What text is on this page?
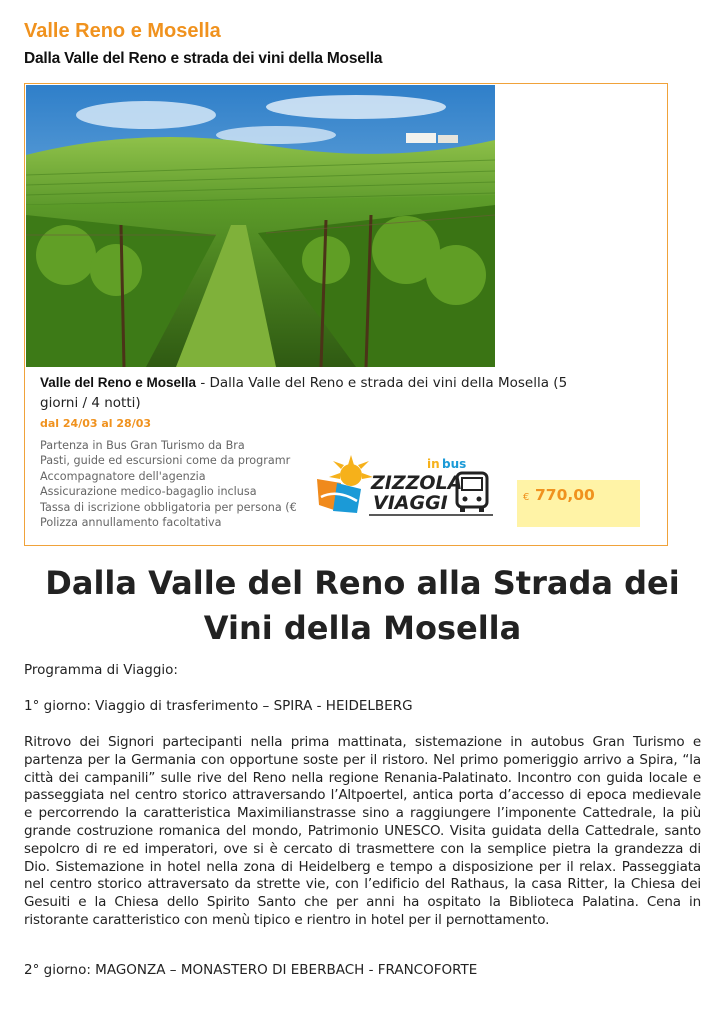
Valle Reno e Mosella
Dalla Valle del Reno e strada dei vini della Mosella
Valle del Reno e Mosella - Dalla Valle del Reno e strada dei vini della Mosella (5 giorni / 4 notti)
dal 24/03 al 28/03
Partenza in Bus Gran Turismo da Bra
Pasti, guide ed escursioni come da programr
Accompagnatore dell'agenzia
Assicurazione medico-bagaglio inclusa
Tassa di iscrizione obbligatoria per persona (€
Polizza annullamento facoltativa
in bus
ZIZZOLA
VIAGGI	€ 770,00
Dalla Valle del Reno alla Strada dei Vini della Mosella
Programma di Viaggio:
1° giorno: Viaggio di trasferimento – SPIRA - HEIDELBERG
Ritrovo dei Signori partecipanti nella prima mattinata, sistemazione in autobus Gran Turismo e partenza per la Germania con opportune soste per il ristoro. Nel primo pomeriggio arrivo a Spira, “la città dei campanili” sulle rive del Reno nella regione Renania-Palatinato. Incontro con guida locale e passeggiata nel centro storico attraversando l’Altpoertel, antica porta d’accesso di epoca medievale e percorrendo la caratteristica Maximilianstrasse sino a raggiungere l’imponente Cattedrale, la più grande costruzione romanica del mondo, Patrimonio UNESCO. Visita guidata della Cattedrale, santo sepolcro di re ed imperatori, ove si è cercato di trasmettere con la semplice pietra la grandezza di Dio. Sistemazione in hotel nella zona di Heidelberg e tempo a disposizione per il relax. Passeggiata nel centro storico attraversato da strette vie, con l’edificio del Rathaus, la casa Ritter, la Chiesa dei Gesuiti e la Chiesa dello Spirito Santo che per anni ha ospitato la Biblioteca Palatina. Cena in ristorante caratteristico con menù tipico e rientro in hotel per il pernottamento.
2° giorno: MAGONZA – MONASTERO DI EBERBACH - FRANCOFORTE
